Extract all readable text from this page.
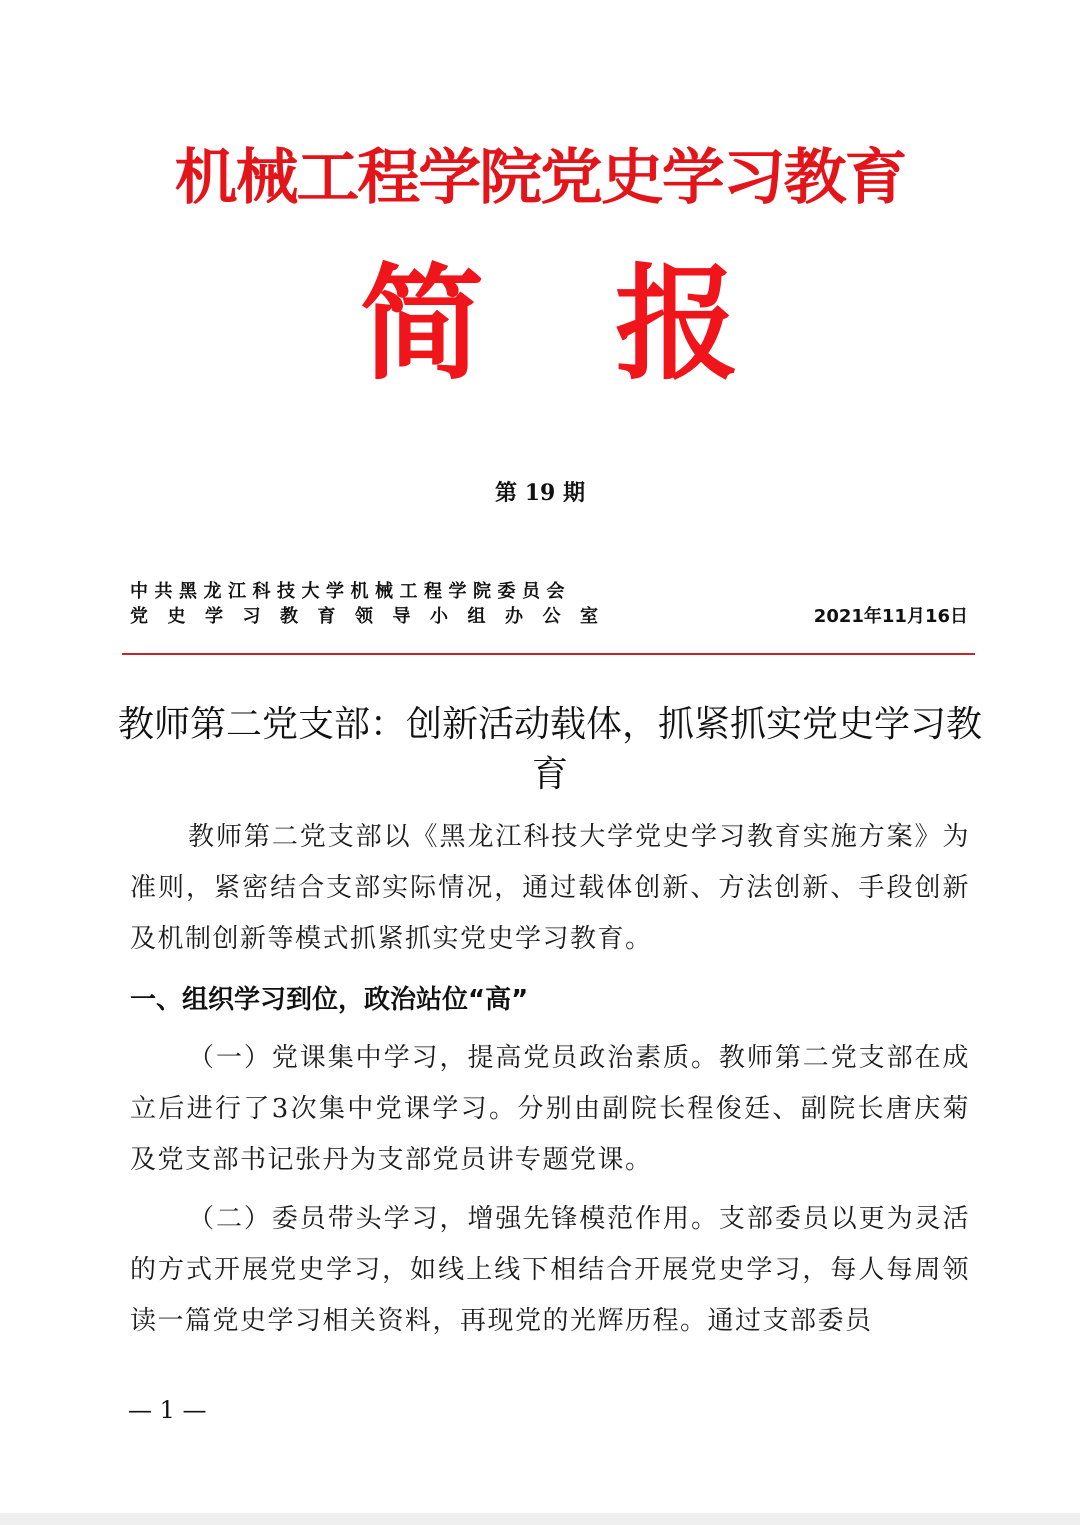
机械工程学院党史学习教育
简 报
第 19 期
中共黑龙江科技大学机械工程学院委员会
党史学习教育领导小组办公室	2021年11月16日
教师第二党支部：创新活动载体，抓紧抓实党史学习教育
教师第二党支部以《黑龙江科技大学党史学习教育实施方案》为准则，紧密结合支部实际情况，通过载体创新、方法创新、手段创新及机制创新等模式抓紧抓实党史学习教育。
一、组织学习到位，政治站位“高”
（一）党课集中学习，提高党员政治素质。教师第二党支部在成立后进行了3次集中党课学习。分别由副院长程俊廷、副院长唐庆菊及党支部书记张丹为支部党员讲专题党课。
（二）委员带头学习，增强先锋模范作用。支部委员以更为灵活的方式开展党史学习，如线上线下相结合开展党史学习，每人每周领读一篇党史学习相关资料，再现党的光辉历程。通过支部委员
— 1 —
